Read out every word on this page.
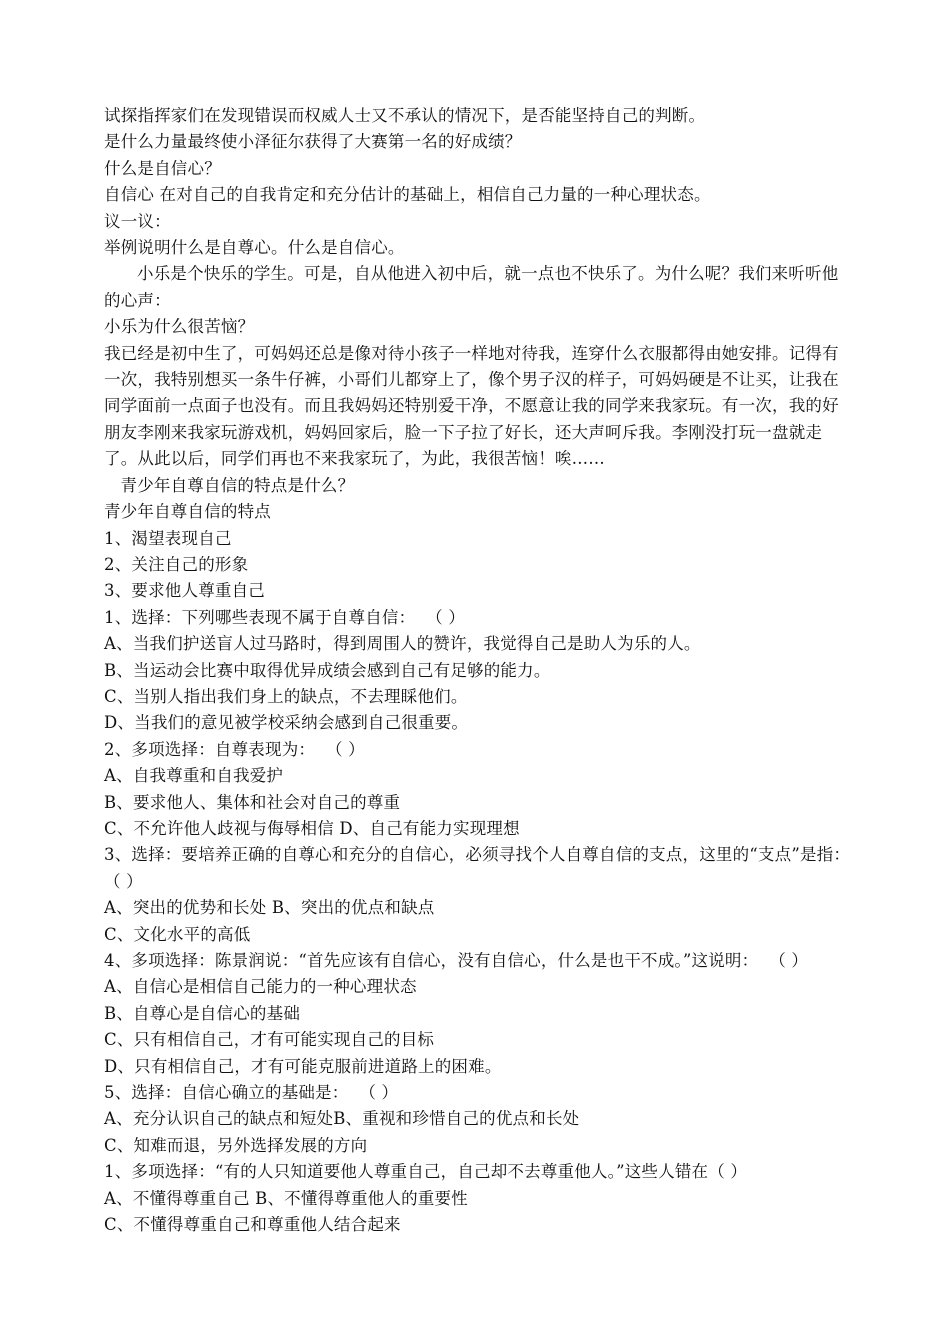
试探指挥家们在发现错误而权威人士又不承认的情况下，是否能坚持自己的判断。
是什么力量最终使小泽征尔获得了大赛第一名的好成绩？
什么是自信心？
自信心 在对自己的自我肯定和充分估计的基础上，相信自己力量的一种心理状态。
议一议：
举例说明什么是自尊心。什么是自信心。
小乐是个快乐的学生。可是，自从他进入初中后，就一点也不快乐了。为什么呢？我们来听听他的心声：
小乐为什么很苦恼？
我已经是初中生了，可妈妈还总是像对待小孩子一样地对待我，连穿什么衣服都得由她安排。记得有一次，我特别想买一条牛仔裤，小哥们儿都穿上了，像个男子汉的样子，可妈妈硬是不让买，让我在同学面前一点面子也没有。而且我妈妈还特别爱干净，不愿意让我的同学来我家玩。有一次，我的好朋友李刚来我家玩游戏机，妈妈回家后，脸一下子拉了好长，还大声呵斥我。李刚没打玩一盘就走了。从此以后，同学们再也不来我家玩了，为此，我很苦恼！唉……
青少年自尊自信的特点是什么？
青少年自尊自信的特点
1、渴望表现自己
2、关注自己的形象
3、要求他人尊重自己
1、选择：下列哪些表现不属于自尊自信：  （ ）
A、当我们护送盲人过马路时，得到周围人的赞许，我觉得自己是助人为乐的人。
B、当运动会比赛中取得优异成绩会感到自己有足够的能力。
C、当别人指出我们身上的缺点，不去理睬他们。
D、当我们的意见被学校采纳会感到自己很重要。
2、多项选择：自尊表现为：  （ ）
A、自我尊重和自我爱护
B、要求他人、集体和社会对自己的尊重
C、不允许他人歧视与侮辱相信 D、自己有能力实现理想
3、选择：要培养正确的自尊心和充分的自信心，必须寻找个人自尊自信的支点，这里的“支点”是指：  （ ）
A、突出的优势和长处 B、突出的优点和缺点
C、文化水平的高低
4、多项选择：陈景润说：“首先应该有自信心，没有自信心，什么是也干不成。”这说明：  （ ）
A、自信心是相信自己能力的一种心理状态
B、自尊心是自信心的基础
C、只有相信自己，才有可能实现自己的目标
D、只有相信自己，才有可能克服前进道路上的困难。
5、选择：自信心确立的基础是：  （ ）
A、充分认识自己的缺点和短处B、重视和珍惜自己的优点和长处
C、知难而退，另外选择发展的方向
1、多项选择：“有的人只知道要他人尊重自己，自己却不去尊重他人。”这些人错在（ ）
A、不懂得尊重自己 B、不懂得尊重他人的重要性
C、不懂得尊重自己和尊重他人结合起来
